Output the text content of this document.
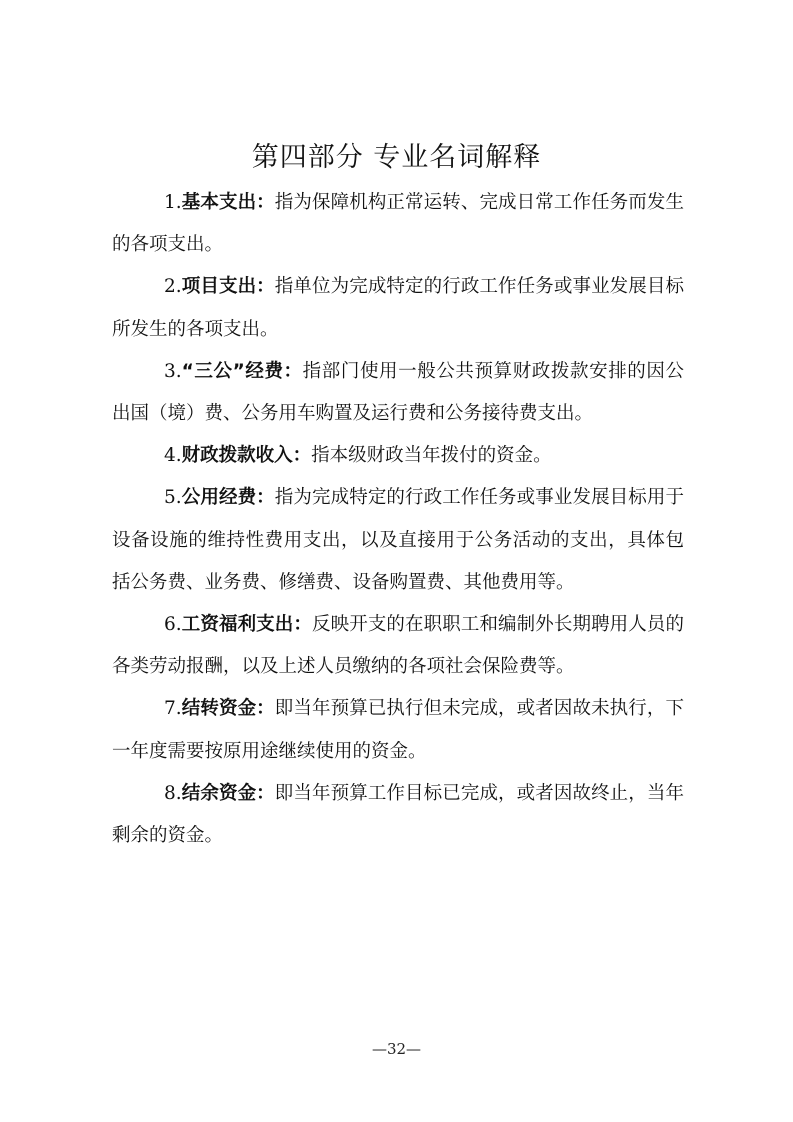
第四部分 专业名词解释

1.基本支出：指为保障机构正常运转、完成日常工作任务而发生的各项支出。

2.项目支出：指单位为完成特定的行政工作任务或事业发展目标所发生的各项支出。

3.“三公”经费：指部门使用一般公共预算财政拨款安排的因公出国（境）费、公务用车购置及运行费和公务接待费支出。

4.财政拨款收入：指本级财政当年拨付的资金。

5.公用经费：指为完成特定的行政工作任务或事业发展目标用于设备设施的维持性费用支出，以及直接用于公务活动的支出，具体包括公务费、业务费、修缮费、设备购置费、其他费用等。

6.工资福利支出：反映开支的在职职工和编制外长期聘用人员的各类劳动报酬，以及上述人员缴纳的各项社会保险费等。

7.结转资金：即当年预算已执行但未完成，或者因故未执行，下一年度需要按原用途继续使用的资金。

8.结余资金：即当年预算工作目标已完成，或者因故终止，当年剩余的资金。

—32—
